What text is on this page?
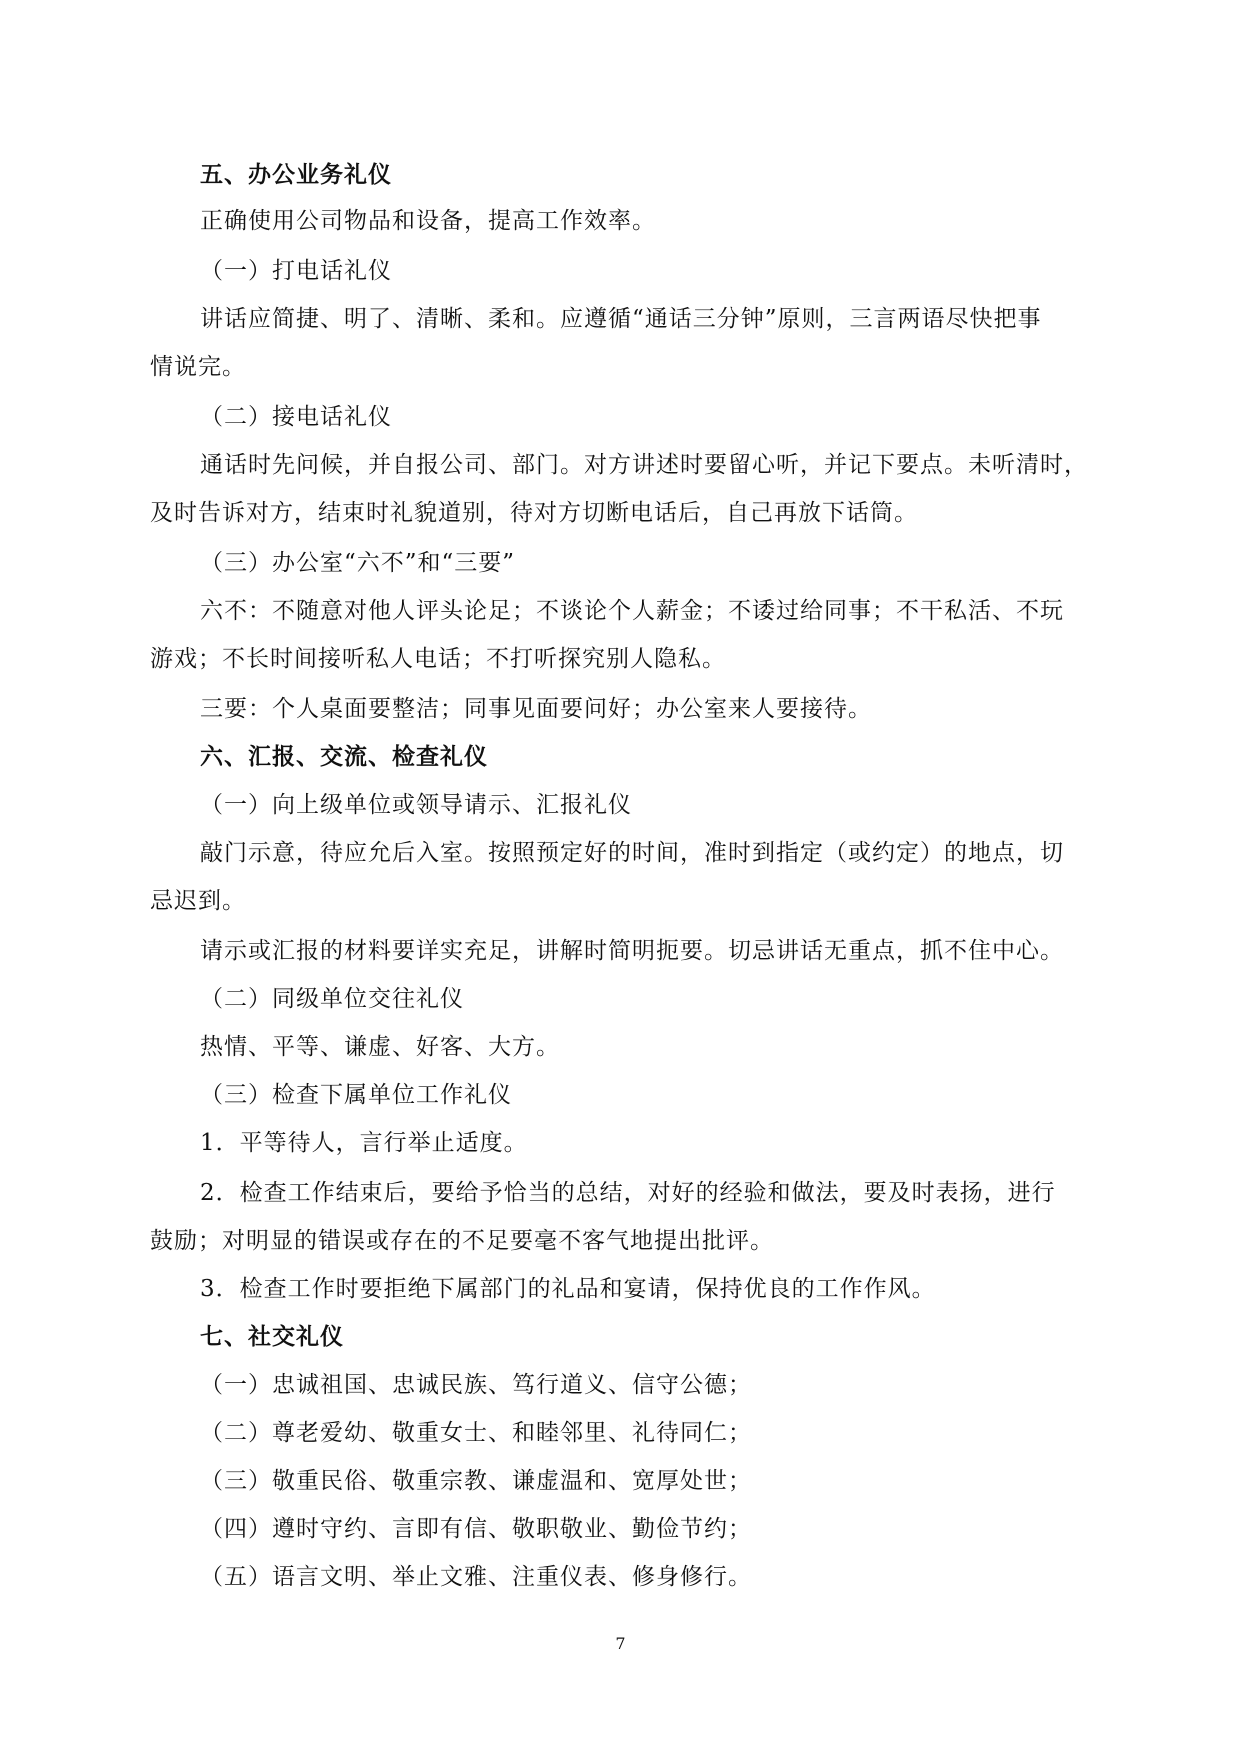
五、办公业务礼仪
正确使用公司物品和设备，提高工作效率。
（一）打电话礼仪
讲话应简捷、明了、清晰、柔和。应遵循“通话三分钟”原则，三言两语尽快把事
情说完。
（二）接电话礼仪
通话时先问候，并自报公司、部门。对方讲述时要留心听，并记下要点。未听清时，
及时告诉对方，结束时礼貌道别，待对方切断电话后，自己再放下话筒。
（三）办公室“六不”和“三要”
六不：不随意对他人评头论足；不谈论个人薪金；不诿过给同事；不干私活、不玩
游戏；不长时间接听私人电话；不打听探究别人隐私。
三要：个人桌面要整洁；同事见面要问好；办公室来人要接待。
六、汇报、交流、检查礼仪
（一）向上级单位或领导请示、汇报礼仪
敲门示意，待应允后入室。按照预定好的时间，准时到指定（或约定）的地点，切
忌迟到。
请示或汇报的材料要详实充足，讲解时简明扼要。切忌讲话无重点，抓不住中心。
（二）同级单位交往礼仪
热情、平等、谦虚、好客、大方。
（三）检查下属单位工作礼仪
1．平等待人，言行举止适度。
2．检查工作结束后，要给予恰当的总结，对好的经验和做法，要及时表扬，进行
鼓励；对明显的错误或存在的不足要毫不客气地提出批评。
3．检查工作时要拒绝下属部门的礼品和宴请，保持优良的工作作风。
七、社交礼仪
（一）忠诚祖国、忠诚民族、笃行道义、信守公德；
（二）尊老爱幼、敬重女士、和睦邻里、礼待同仁；
（三）敬重民俗、敬重宗教、谦虚温和、宽厚处世；
（四）遵时守约、言即有信、敬职敬业、勤俭节约；
（五）语言文明、举止文雅、注重仪表、修身修行。
7
